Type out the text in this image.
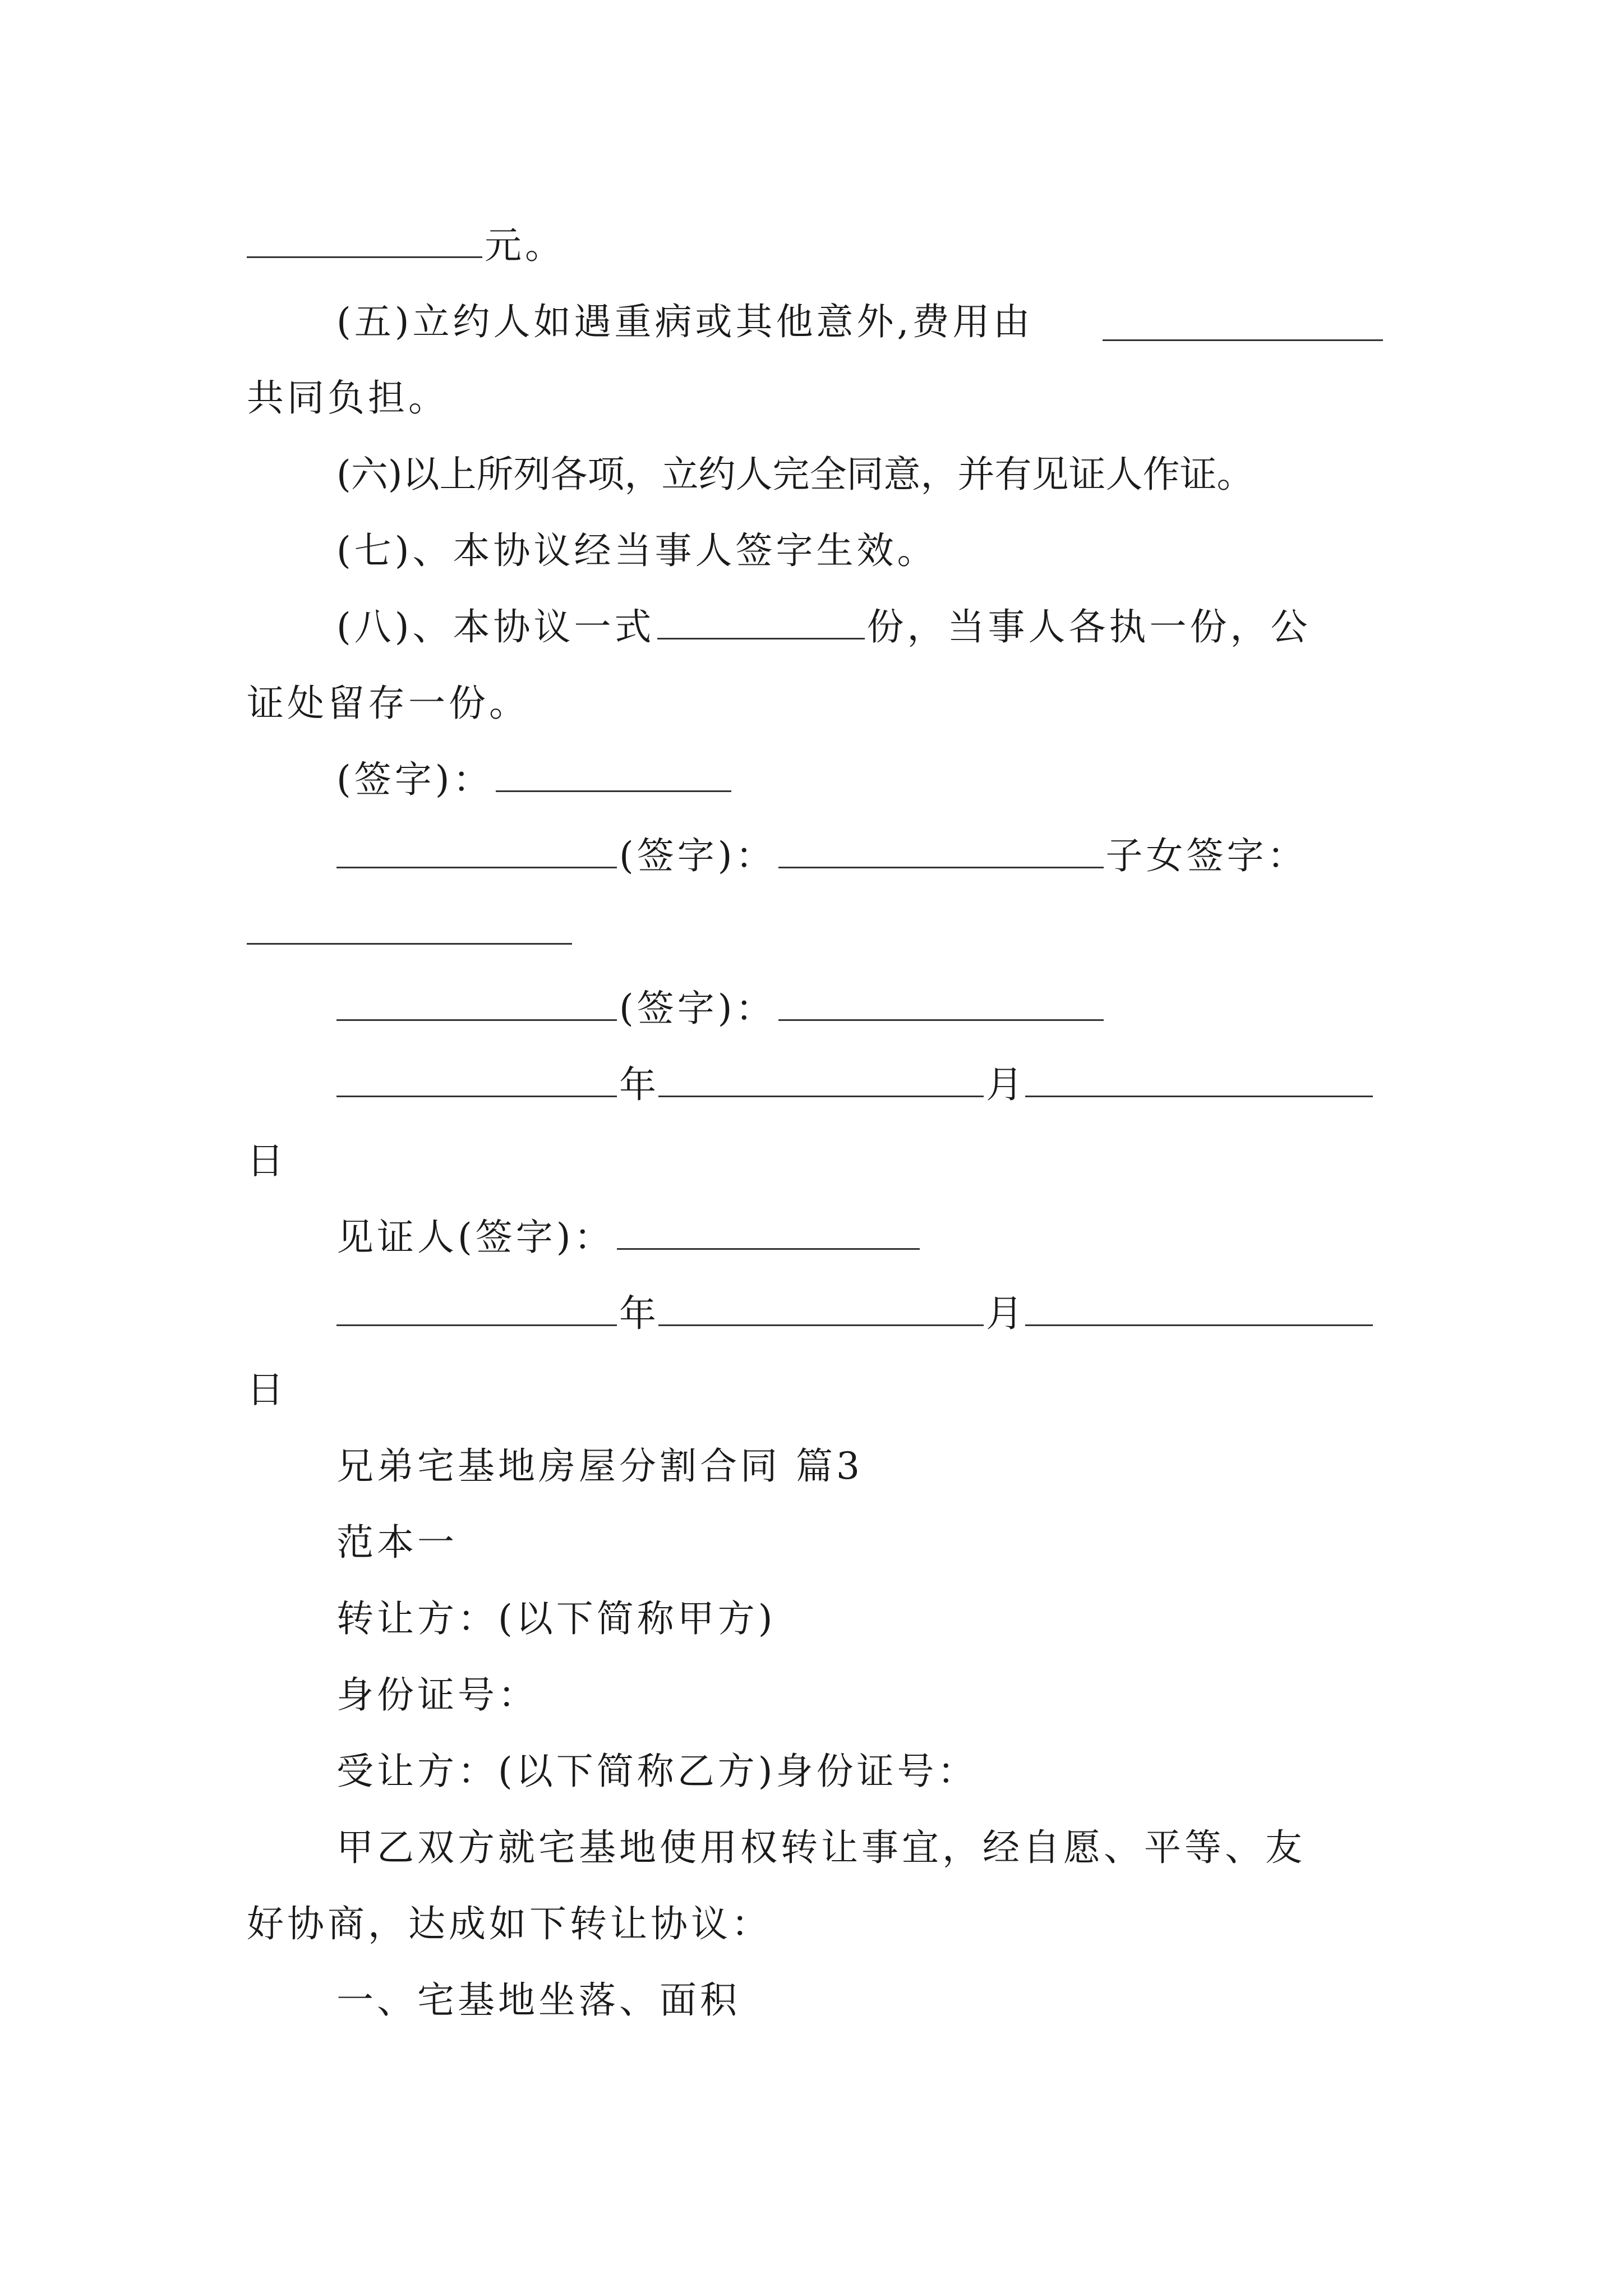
元。
(五)立约人如遇重病或其他意外,费用由
共同负担。
(六)以上所列各项，立约人完全同意，并有见证人作证。
(七)、本协议经当事人签字生效。
(八)、本协议一式	份，当事人各执一份，公
证处留存一份。
(签字)：
(签字)：	子女签字：
(签字)：
年	月
日
见证人(签字)：
年	月
日
兄弟宅基地房屋分割合同 篇3
范本一
转让方：(以下简称甲方)
身份证号：
受让方：(以下简称乙方)身份证号：
甲乙双方就宅基地使用权转让事宜，经自愿、平等、友
好协商，达成如下转让协议：
一、宅基地坐落、面积
